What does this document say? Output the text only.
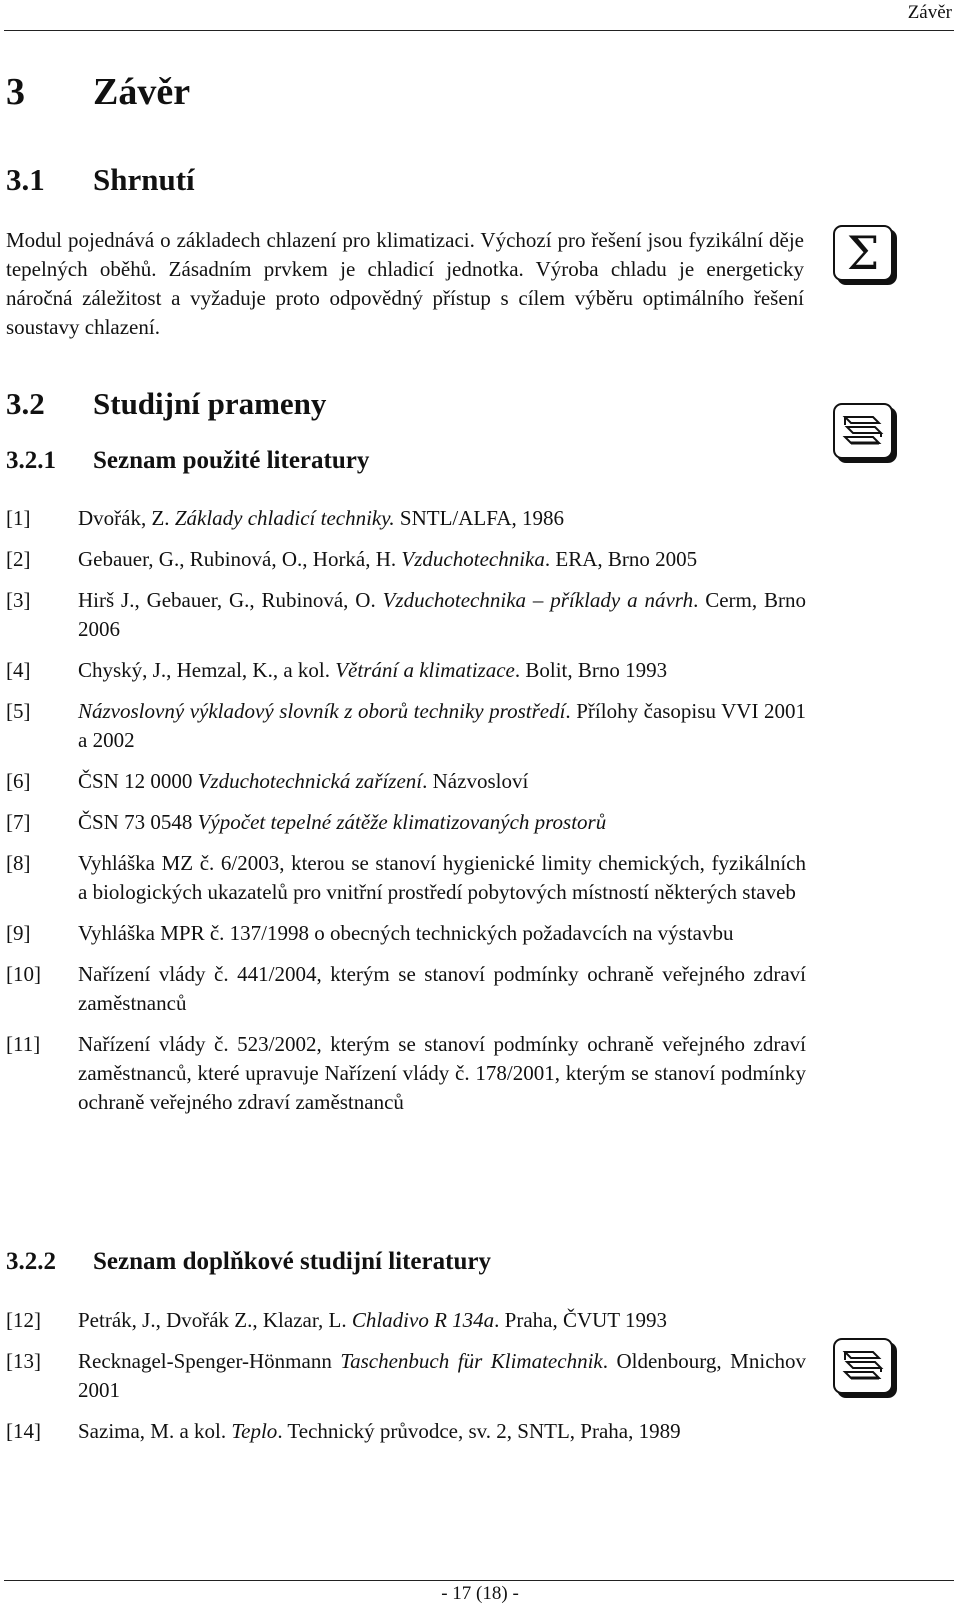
Závěr
3	Závěr
3.1	Shrnutí
Modul pojednává o základech chlazení pro klimatizaci. Výchozí pro řešení jsou fyzikální děje tepelných oběhů. Zásadním prvkem je chladicí jednotka. Výroba chladu je energeticky náročná záležitost a vyžaduje proto odpovědný přístup s cílem výběru optimálního řešení soustavy chlazení.
Σ
3.2	Studijní prameny
3.2.1	Seznam použité literatury
[1]	Dvořák, Z. Základy chladicí techniky. SNTL/ALFA, 1986
[2]	Gebauer, G., Rubinová, O., Horká, H. Vzduchotechnika. ERA, Brno 2005
[3]	Hirš J., Gebauer, G., Rubinová, O. Vzduchotechnika – příklady a návrh. Cerm, Brno 2006
[4]	Chyský, J., Hemzal, K., a kol. Větrání a klimatizace. Bolit, Brno 1993
[5]	Názvoslovný výkladový slovník z oborů techniky prostředí. Přílohy časopisu VVI 2001 a 2002
[6]	ČSN 12 0000 Vzduchotechnická zařízení. Názvosloví
[7]	ČSN 73 0548 Výpočet tepelné zátěže klimatizovaných prostorů
[8]	Vyhláška MZ č. 6/2003, kterou se stanoví hygienické limity chemických, fyzikálních a biologických ukazatelů pro vnitřní prostředí pobytových místností některých staveb
[9]	Vyhláška MPR č. 137/1998 o obecných technických požadavcích na výstavbu
[10]	Nařízení vlády č. 441/2004, kterým se stanoví podmínky ochraně veřejného zdraví zaměstnanců
[11]	Nařízení vlády č. 523/2002, kterým se stanoví podmínky ochraně veřejného zdraví zaměstnanců, které upravuje Nařízení vlády č. 178/2001, kterým se stanoví podmínky ochraně veřejného zdraví zaměstnanců
3.2.2	Seznam doplňkové studijní literatury
[12]	Petrák, J., Dvořák Z., Klazar, L. Chladivo R 134a. Praha, ČVUT 1993
[13]	Recknagel-Spenger-Hönmann Taschenbuch für Klimatechnik. Oldenbourg, Mnichov 2001
[14]	Sazima, M. a kol. Teplo. Technický průvodce, sv. 2, SNTL, Praha, 1989
- 17 (18) -
